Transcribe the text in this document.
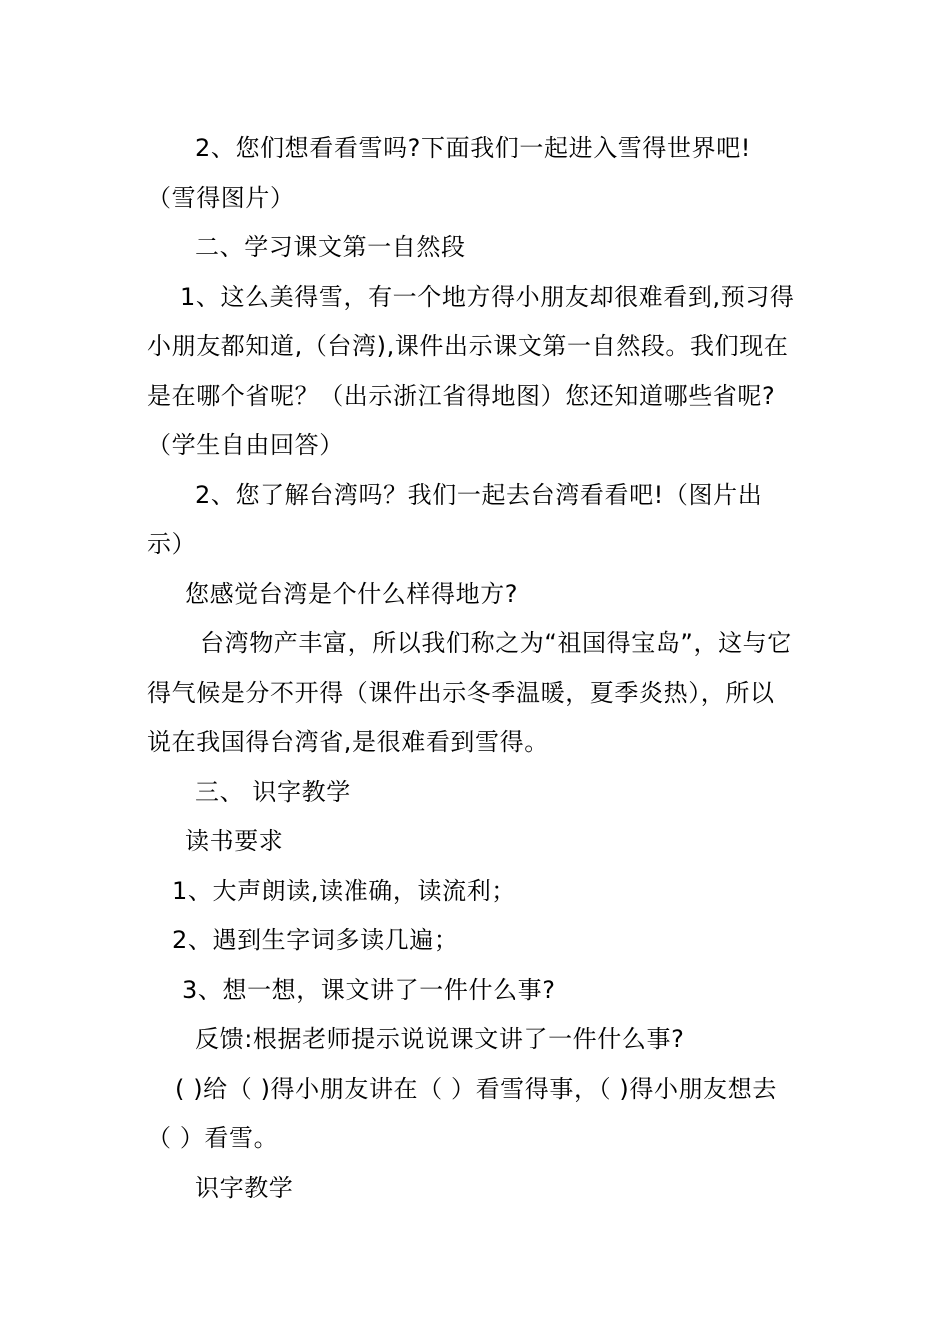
2、您们想看看雪吗?下面我们一起进入雪得世界吧!（雪得图片）

二、学习课文第一自然段

1、这么美得雪，有一个地方得小朋友却很难看到,预习得小朋友都知道,（台湾),课件出示课文第一自然段。我们现在是在哪个省呢？（出示浙江省得地图）您还知道哪些省呢?（学生自由回答）

2、您了解台湾吗？我们一起去台湾看看吧!（图片出示）

您感觉台湾是个什么样得地方?

台湾物产丰富，所以我们称之为“祖国得宝岛”，这与它得气候是分不开得（课件出示冬季温暖，夏季炎热），所以说在我国得台湾省,是很难看到雪得。

三、 识字教学

读书要求

1、大声朗读,读准确，读流利；

2、遇到生字词多读几遍；

3、想一想，课文讲了一件什么事?

反馈:根据老师提示说说课文讲了一件什么事?

( )给（ )得小朋友讲在（ ）看雪得事，（ )得小朋友想去（ ）看雪。

识字教学
